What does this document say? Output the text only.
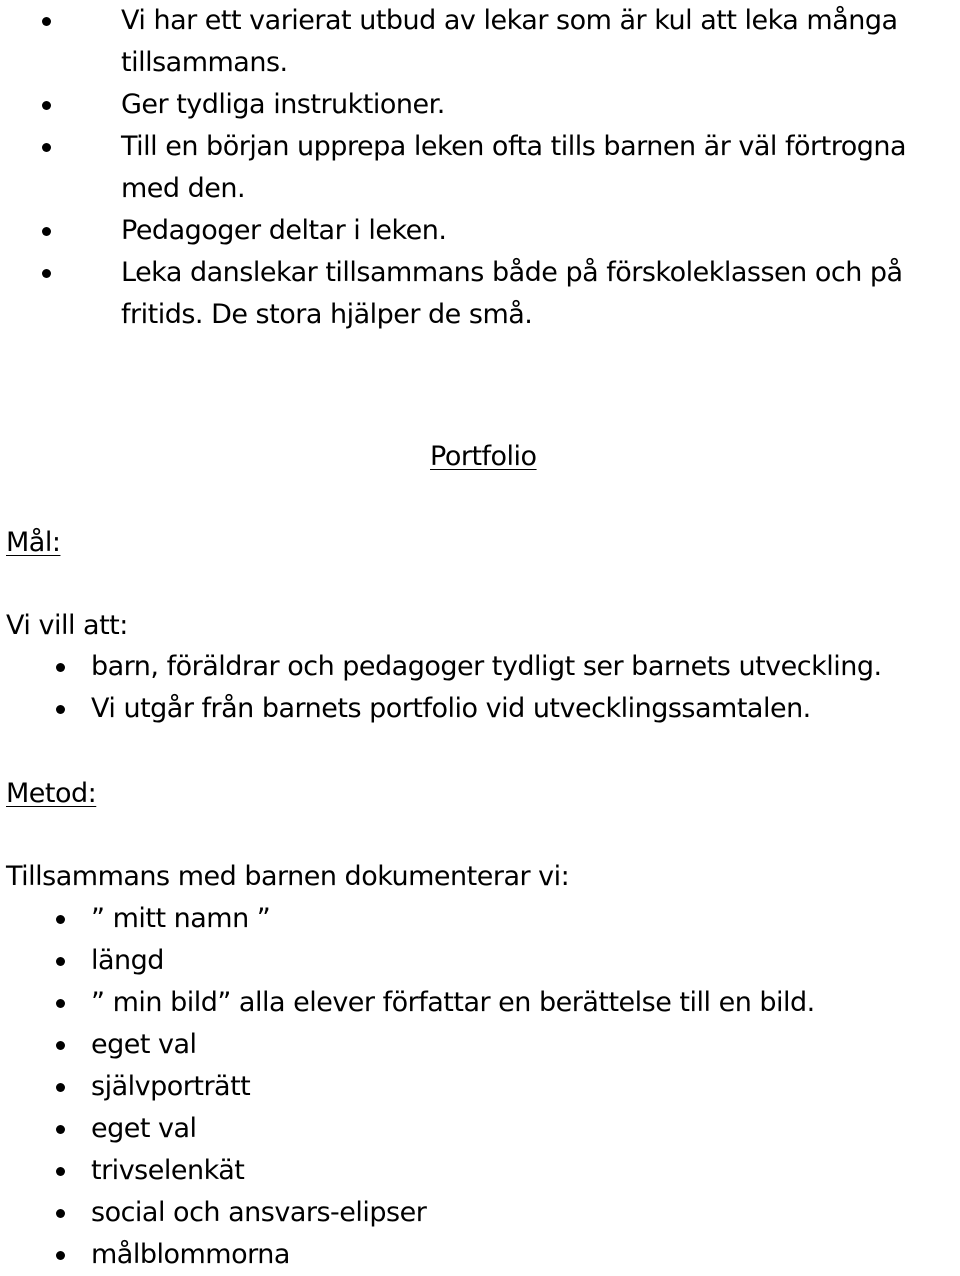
Vi har ett varierat utbud av lekar som är kul att leka många tillsammans.
Ger tydliga instruktioner.
Till en början upprepa leken ofta tills barnen är väl förtrogna med den.
Pedagoger deltar i leken.
Leka danslekar tillsammans både på förskoleklassen och på fritids. De stora hjälper de små.
Portfolio
Mål:
Vi vill att:
barn, föräldrar och pedagoger tydligt ser barnets utveckling.
Vi utgår från barnets portfolio vid utvecklingssamtalen.
Metod:
Tillsammans med barnen dokumenterar vi:
” mitt namn ”
längd
” min bild” alla elever författar en berättelse till en bild.
eget val
självporträtt
eget val
trivselenkät
social och ansvars-elipser
målblommorna
